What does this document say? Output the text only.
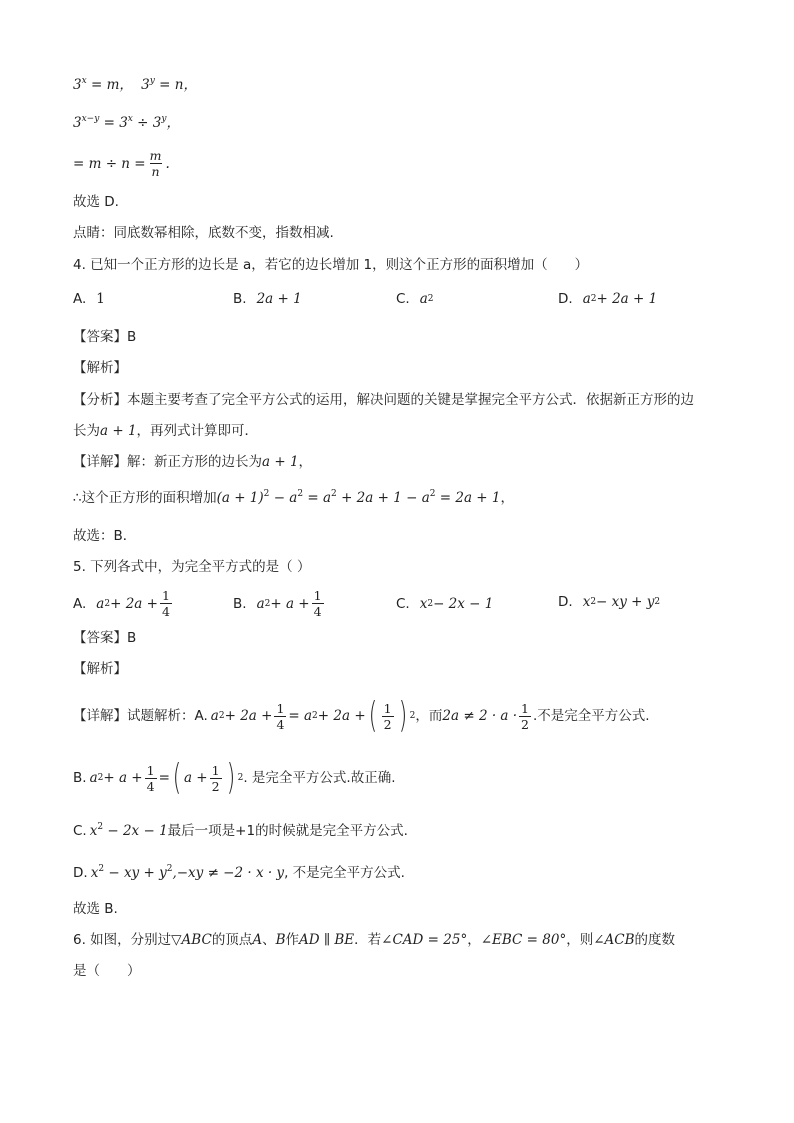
$3^x = m$， $3^y = n$，
$3^{x-y} = 3^x \div 3^y$，
= $m \div n = \frac{m}{n}$ .
故选 D.
点睛：同底数幂相除，底数不变，指数相减.
4. 已知一个正方形的边长是 a，若它的边长增加 1，则这个正方形的面积增加（　　）
A. 1	B. 2a + 1	C. a 2	D. a 2 + 2a + 1
【答案】B
【解析】
【分析】本题主要考查了完全平方公式的运用，解决问题的关键是掌握完全平方公式．依据新正方形的边
长为a + 1，再列式计算即可．
【详解】解：新正方形的边长为a + 1，
∴这个正方形的面积增加$(a + 1)^2 - a^2 = a^2 + 2a + 1 - a^2 = 2a + 1$，
故选：B．
5. 下列各式中，为完全平方式的是（ ）
A. a $2 + 2a + \frac{1}{4}$	B. a $2 + a + \frac{1}{4}$	C. x 2 − 2x − 1	D. x 2 − xy + y 2
【答案】B
【解析】
【详解】试题解析：A. a $2 + 2a + \frac{1}{4} = a$ 2 + 2a + ( $\frac{1}{2}$ ) 2 ，而 $2a \ne 2 \cdot a \cdot \frac{1}{2}$ .不是完全平方公式.
B. a $2 + a + \frac{1}{4}$ = ( $a + \frac{1}{2}$ ) 2 . 是完全平方公式.故正确.
C. $x^2 - 2x - 1$最后一项是+1的时候就是完全平方公式.
D. $x^2$ − xy + $y^2,-xy \ne -2 \cdot x \cdot y$, 不是完全平方公式.
故选 B.
6. 如图，分别过▽ABC的顶点A、B作AD ∥ BE．若∠CAD = 25°，∠EBC = 80°，则∠ACB的度数
是（　　）
